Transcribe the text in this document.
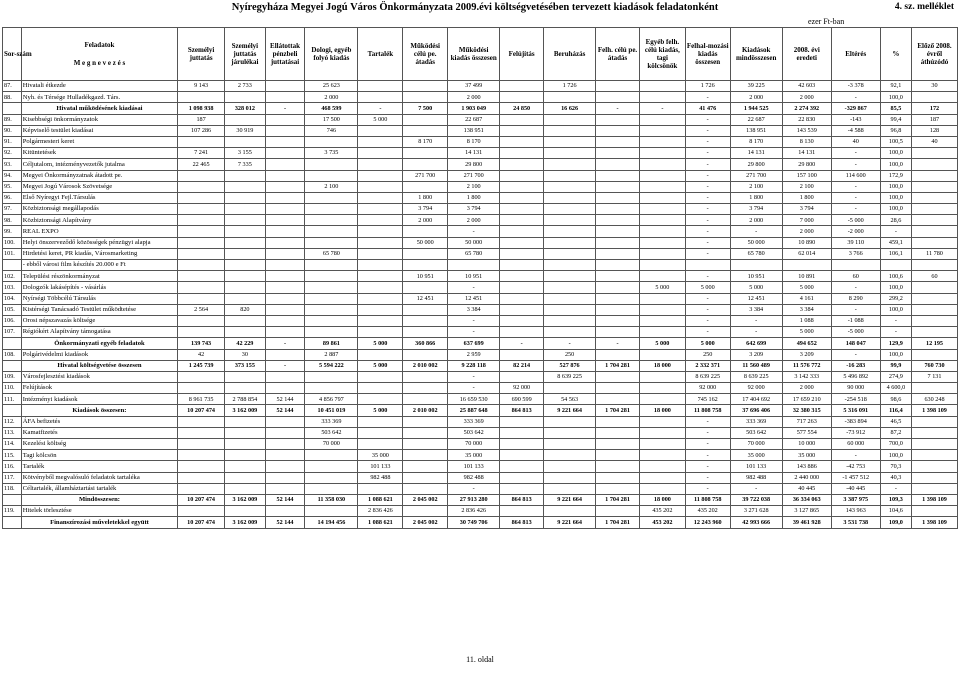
Nyíregyháza Megyei Jogú Város Önkormányzata 2009.évi költségvetésében tervezett kiadások feladatonként	4. sz. melléklet
ezer Ft-ban
Sor-szám	Feladatok
M e g n e v e z é s	Személyi juttatás	Személyi juttatás járulékai	Ellátottak pénzbeli juttatásai	Dologi, egyéb folyó kiadás	Tartalék	Működési célú pe. átadás	Működési kiadás összesen	Felújítás	Beruházás	Felh. célú pe. átadás	Egyéb felh. célú kiadás, tagi kölcsönök	Felhal-mozási kiadás összesen	Kiadások mindösszesen	2008. évi eredeti	Eltérés	%	Előző 2008. évről áthúzódó
87.	Hivatali étkezde	9 143	2 733		25 623			37 499		1 726			1 726	39 225	42 603	-3 378	92,1	30
88.	Nyh. és Térsége Hulladékgazd. Társ.				2 000			2 000					-	2 000	2 000	-	100,0	
	Hivatal működésének kiadásai	1 098 938	328 012	-	468 599	-	7 500	1 903 049	24 850	16 626	-	-	41 476	1 944 525	2 274 392	-329 867	85,5	172
89.	Kisebbségi önkormányzatok	187			17 500	5 000		22 687					-	22 687	22 830	-143	99,4	187
90.	Képviselő testület kiadásai	107 286	30 919		746			138 951					-	138 951	143 539	-4 588	96,8	128
91.	Polgármesteri keret						8 170	8 170					-	8 170	8 130	40	100,5	40
92.	Kitüntetések	7 241	3 155		3 735			14 131					-	14 131	14 131	-	100,0	
93.	Céljutalom, intézményvezetők jutalma	22 465	7 335					29 800					-	29 800	29 800	-	100,0	
94.	Megyei Önkormányzatnak átadott pe.						271 700	271 700					-	271 700	157 100	114 600	172,9	
95.	Megyei Jogú Városok Szövetsége				2 100			2 100					-	2 100	2 100	-	100,0	
96.	Első Nyíregyi Fejl.Társulás						1 800	1 800					-	1 800	1 800	-	100,0	
97.	Közbiztonsági megállapodás						3 794	3 794					-	3 794	3 794	-	100,0	
98.	Közbiztonsági Alapítvány						2 000	2 000					-	2 000	7 000	-5 000	28,6	
99.	REAL EXPO							-					-	-	2 000	-2 000	-	
100.	Helyi önszerveződő közösségek pénzügyi alapja						50 000	50 000					-	50 000	10 890	39 110	459,1	
101.	Hirdetési keret, PR kiadás, Városmarketing				65 780			65 780					-	65 780	62 014	3 766	106,1	11 780
	- ebből városi film készítés 20.000 e Ft																	
102.	Települési részönkormányzat						10 951	10 951					-	10 951	10 891	60	100,6	60
103.	Dologzók lakásépítés - vásárlás							-				5 000	5 000	5 000	5 000	-	100,0	
104.	Nyírségi Többcélú Társulás						12 451	12 451					-	12 451	4 161	8 290	299,2	
105.	Kistérségi Tanácsadó Testület működtetése	2 564	820					3 384					-	3 384	3 384	-	100,0	
106.	Orosi népszavazás költsége							-					-	-	1 088	-1 088	-	
107.	Régiókért Alapítvány támogatása							-					-	-	5 000	-5 000	-	
	Önkormányzati egyéb feladatok	139 743	42 229	-	89 861	5 000	360 866	637 699	-	-	-	5 000	5 000	642 699	494 652	148 047	129,9	12 195
108.	Polgárivédelmi kiadások	42	30		2 887			2 959		250			250	3 209	3 209	-	100,0	
	Hivatal költségvetése összesen	1 245 739	373 155	-	5 594 222	5 000	2 010 002	9 228 118	82 214	527 876	1 704 281	18 000	2 332 371	11 560 489	11 576 772	-16 283	99,9	760 730
109.	Városfejlesztési kiadások							-		8 639 225			8 639 225	8 639 225	3 142 333	5 496 892	274,9	7 131
110.	Felújítások							-	92 000				92 000	92 000	2 000	90 000	4 600,0	
111.	Intézményi kiadások	8 961 735	2 788 854	52 144	4 856 797			16 659 530	690 599	54 563			745 162	17 404 692	17 659 210	-254 518	98,6	630 248
	Kiadások összesen:	10 207 474	3 162 009	52 144	10 451 019	5 000	2 010 002	25 887 648	864 813	9 221 664	1 704 281	18 000	11 808 758	37 696 406	32 380 315	5 316 091	116,4	1 398 109
112.	ÁFA befizetés				333 369			333 369					-	333 369	717 263	-383 894	46,5	
113.	Kamatfizetés				503 642			503 642					-	503 642	577 554	-73 912	87,2	
114.	Kezelési költség				70 000			70 000					-	70 000	10 000	60 000	700,0	
115.	Tagi kölcsön					35 000		35 000					-	35 000	35 000	-	100,0	
116.	Tartalék					101 133		101 133					-	101 133	143 886	-42 753	70,3	
117.	Kötvényből megvalósuló feladatok tartaléka					982 488		982 488					-	982 488	2 440 000	-1 457 512	40,3	
118.	Céltartalék, államháztartási tartalék							-					-	-	40 445	-40 445	-	
	Mindösszesen:	10 207 474	3 162 009	52 144	11 358 030	1 088 621	2 045 002	27 913 280	864 813	9 221 664	1 704 281	18 000	11 808 758	39 722 038	36 334 063	3 387 975	109,3	1 398 109
119.	Hitelek törlesztése					2 836 426		2 836 426				435 202	435 202	3 271 628	3 127 865	143 963	104,6	
	Finanszírozási műveletekkel együtt	10 207 474	3 162 009	52 144	14 194 456	1 088 621	2 045 002	30 749 706	864 813	9 221 664	1 704 281	453 202	12 243 960	42 993 666	39 461 928	3 531 738	109,0	1 398 109
11. oldal
